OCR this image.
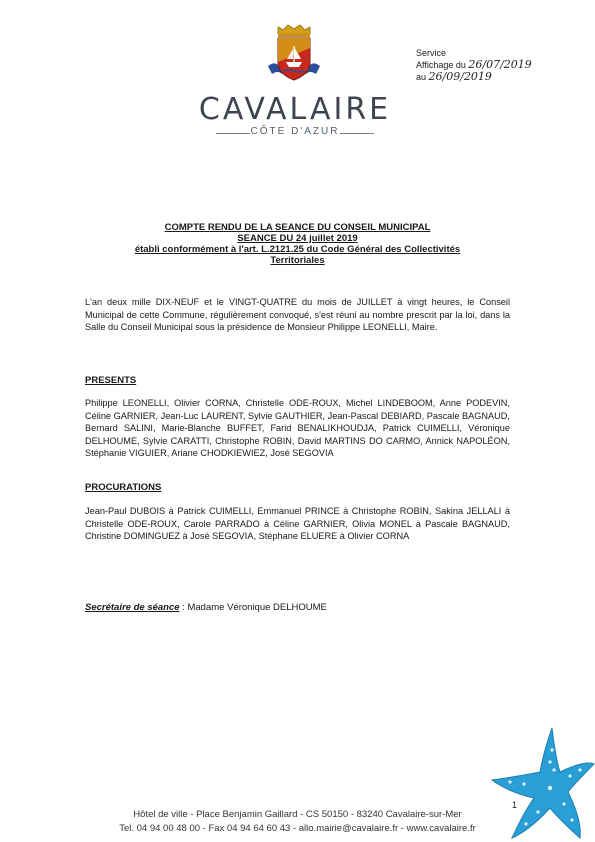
CAVALAIRE
CÔTE D'AZUR
Service
Affichage du 26/07/2019
au 26/09/2019
COMPTE RENDU DE LA SEANCE DU CONSEIL MUNICIPAL
SEANCE DU 24 juillet 2019
établi conformément à l'art. L.2121.25 du Code Général des Collectivités
Territoriales
L'an deux mille DIX-NEUF et le VINGT-QUATRE du mois de JUILLET à vingt heures, le Conseil Municipal de cette Commune, régulièrement convoqué, s'est réuni au nombre prescrit par la loi, dans la Salle du Conseil Municipal sous la présidence de Monsieur Philippe LEONELLI, Maire.
PRESENTS
Philippe LEONELLI, Olivier CORNA, Christelle ODE-ROUX, Michel LINDEBOOM, Anne PODEVIN, Céline GARNIER, Jean-Luc LAURENT, Sylvie GAUTHIER, Jean-Pascal DEBIARD, Pascale BAGNAUD, Bernard SALINI, Marie-Blanche BUFFET, Farid BENALIKHOUDJA, Patrick CUIMELLI, Véronique DELHOUME, Sylvie CARATTI, Christophe ROBIN, David MARTINS DO CARMO, Annick NAPOLÉON, Stéphanie VIGUIER, Ariane CHODKIEWIEZ, José SEGOVIA
PROCURATIONS
Jean-Paul DUBOIS à Patrick CUIMELLI, Emmanuel PRINCE à Christophe ROBIN, Sakina JELLALI à Christelle ODE-ROUX, Carole PARRADO à Céline GARNIER, Olivia MONEL à Pascale BAGNAUD, Christine DOMINGUEZ à José SEGOVIA, Stéphane ELUERE à Olivier CORNA
Secrétaire de séance : Madame Véronique DELHOUME
1
Hôtel de ville - Place Benjamin Gaillard - CS 50150 - 83240 Cavalaire-sur-Mer
Tel. 04 94 00 48 00 - Fax 04 94 64 60 43 - allo.mairie@cavalaire.fr - www.cavalaire.fr
